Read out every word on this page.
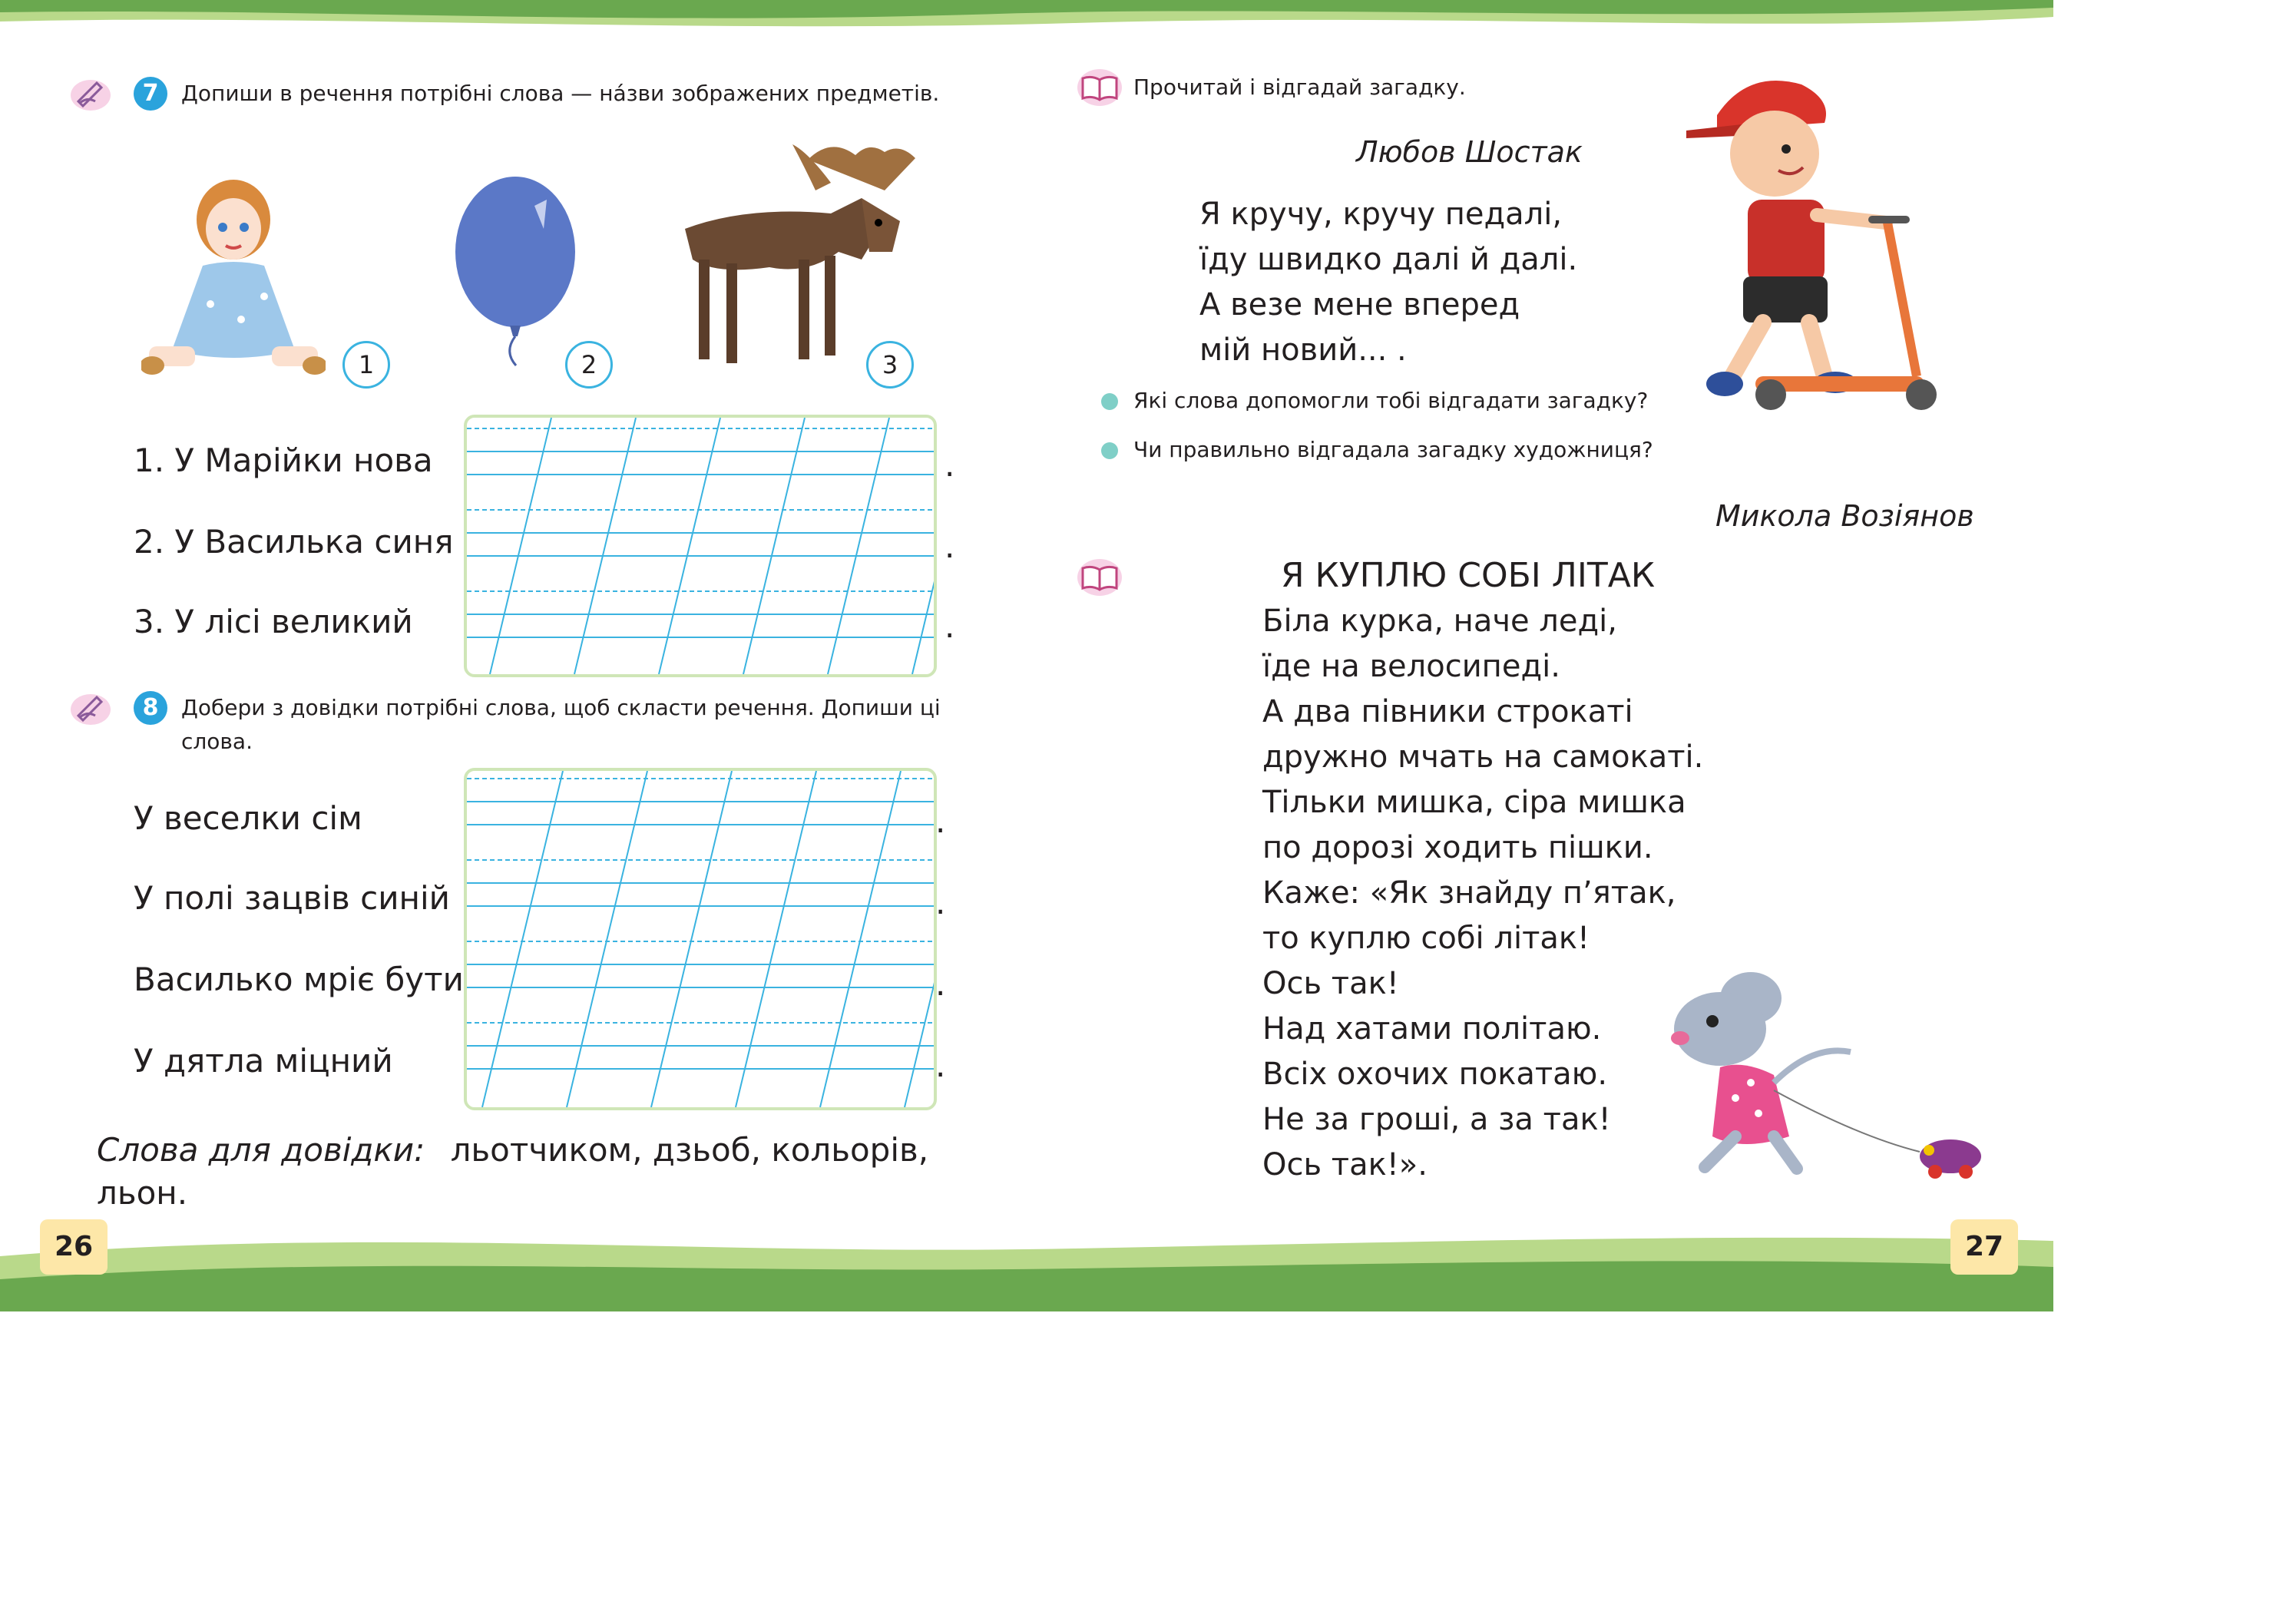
7	Допиши в речення потрібні слова — на́зви зображених предметів.
1	2	3
1. У Марійки нова
2. У Василька синя
3. У лісі великий
.
.
.
8	Добери з довідки потрібні слова, щоб скласти речення. Допиши ці
слова.
У веселки сім
У полі зацвів синій
Василько мріє бути
У дятла міцний
.
.
.
.
Слова для довідки: льотчиком, дзьоб, кольорів,
льон.
Прочитай і відгадай загадку.
Любов Шостак
Я кручу, кручу педалі,
їду швидко далі й далі.
А везе мене вперед
мій новий... .
Які слова допомогли тобі відгадати загадку?
Чи правильно відгадала загадку художниця?
Микола Возіянов
Я КУПЛЮ СОБІ ЛІТАК
Біла курка, наче леді,
їде на велосипеді.
А два півники строкаті
дружно мчать на самокаті.
Тільки мишка, сіра мишка
по дорозі ходить пішки.
Каже: «Як знайду п’ятак,
то куплю собі літак!
Ось так!
Над хатами політаю.
Всіх охочих покатаю.
Не за гроші, а за так!
Ось так!».
26	27
